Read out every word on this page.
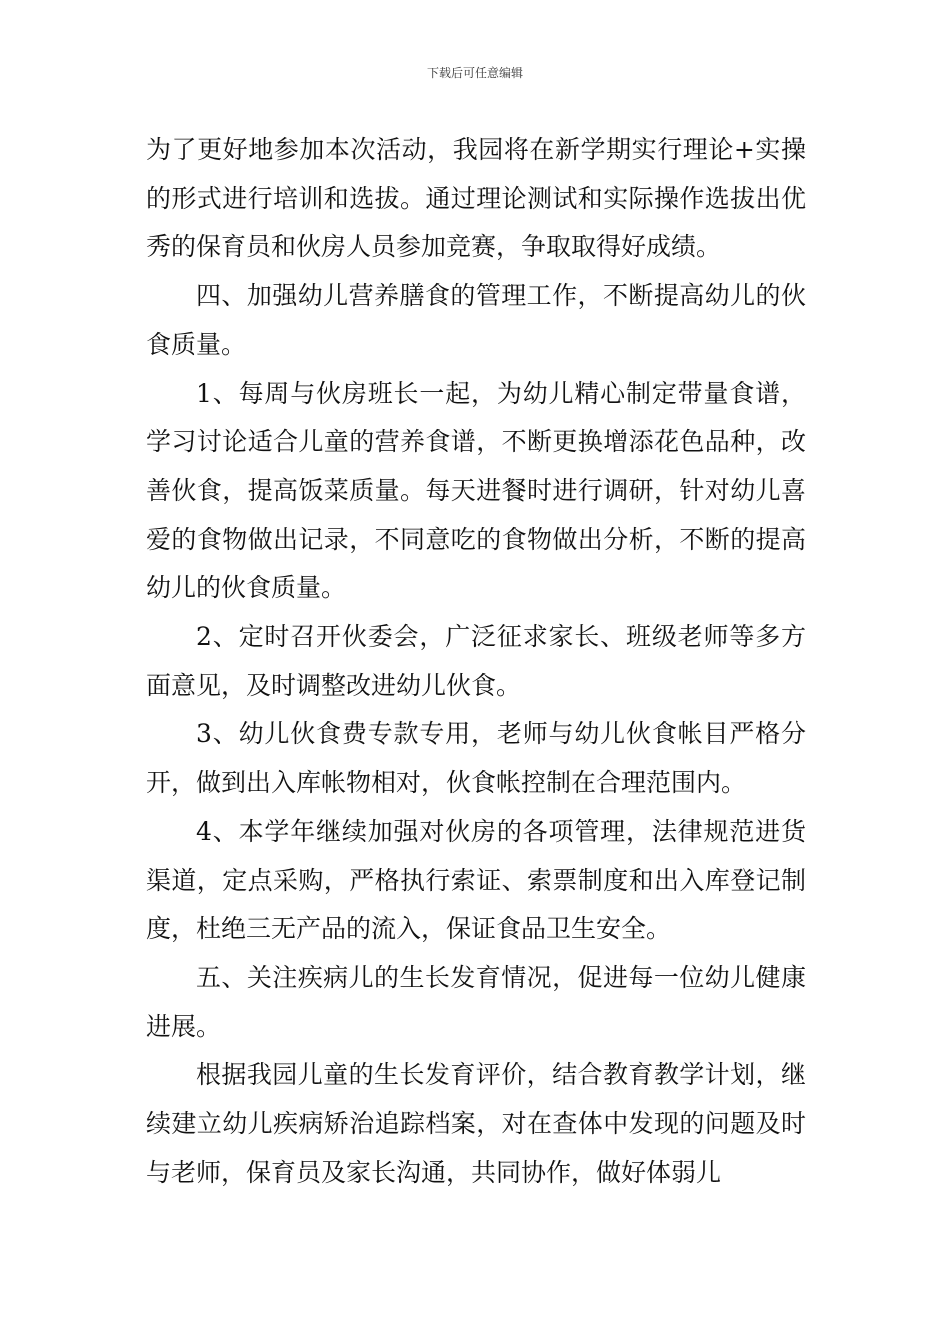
下载后可任意编辑

为了更好地参加本次活动，我园将在新学期实行理论+实操的形式进行培训和选拔。通过理论测试和实际操作选拔出优秀的保育员和伙房人员参加竞赛，争取取得好成绩。

四、加强幼儿营养膳食的管理工作，不断提高幼儿的伙食质量。

1、每周与伙房班长一起，为幼儿精心制定带量食谱，学习讨论适合儿童的营养食谱，不断更换增添花色品种，改善伙食，提高饭菜质量。每天进餐时进行调研，针对幼儿喜爱的食物做出记录，不同意吃的食物做出分析，不断的提高幼儿的伙食质量。

2、定时召开伙委会，广泛征求家长、班级老师等多方面意见，及时调整改进幼儿伙食。

3、幼儿伙食费专款专用，老师与幼儿伙食帐目严格分开，做到出入库帐物相对，伙食帐控制在合理范围内。

4、本学年继续加强对伙房的各项管理，法律规范进货渠道，定点采购，严格执行索证、索票制度和出入库登记制度，杜绝三无产品的流入，保证食品卫生安全。

五、关注疾病儿的生长发育情况，促进每一位幼儿健康进展。

根据我园儿童的生长发育评价，结合教育教学计划，继续建立幼儿疾病矫治追踪档案，对在查体中发现的问题及时与老师，保育员及家长沟通，共同协作，做好体弱儿
